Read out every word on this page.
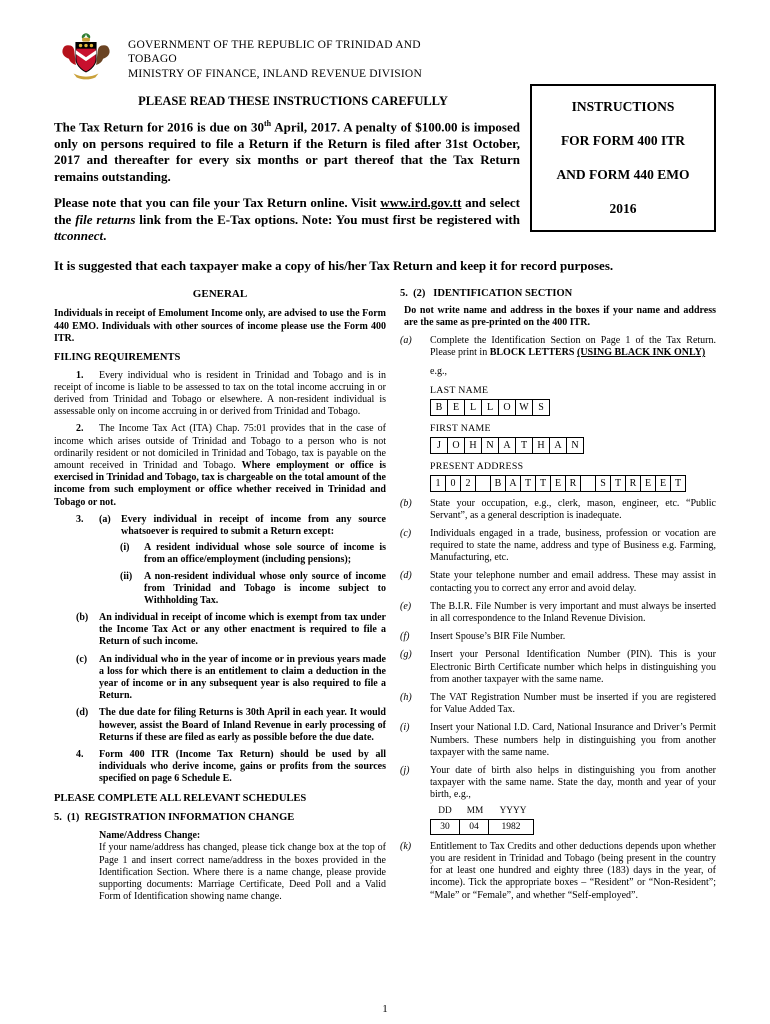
GOVERNMENT OF THE REPUBLIC OF TRINIDAD AND TOBAGO
MINISTRY OF FINANCE, INLAND REVENUE DIVISION
PLEASE READ THESE INSTRUCTIONS CAREFULLY	INSTRUCTIONS
FOR FORM 400 ITR
AND FORM 440 EMO
2016

The Tax Return for 2016 is due on 30th April, 2017. A penalty of $100.00 is imposed only on persons required to file a Return if the Return is filed after 31st October, 2017 and thereafter for every six months or part thereof that the Tax Return remains outstanding.

Please note that you can file your Tax Return online. Visit www.ird.gov.tt and select the file returns link from the E-Tax options. Note: You must first be registered with ttconnect.

It is suggested that each taxpayer make a copy of his/her Tax Return and keep it for record purposes.

GENERAL

Individuals in receipt of Emolument Income only, are advised to use the Form 440 EMO. Individuals with other sources of income please use the Form 400 ITR.

FILING REQUIREMENTS

1. Every individual who is resident in Trinidad and Tobago and is in receipt of income is liable to be assessed to tax on the total income accruing in or derived from Trinidad and Tobago or elsewhere. A non-resident individual is assessable only on income accruing in or derived from Trinidad and Tobago.

2. The Income Tax Act (ITA) Chap. 75:01 provides that in the case of income which arises outside of Trinidad and Tobago to a person who is not ordinarily resident or not domiciled in Trinidad and Tobago, tax is payable on the amount received in Trinidad and Tobago. Where employment or office is exercised in Trinidad and Tobago, tax is chargeable on the total amount of the income from such employment or office whether received in Trinidad and Tobago or not.

3. (a) Every individual in receipt of income from any source whatsoever is required to submit a Return except:

(i) A resident individual whose sole source of income is from an office/employment (including pensions);

(ii) A non-resident individual whose only source of income from Trinidad and Tobago is income subject to Withholding Tax.

(b) An individual in receipt of income which is exempt from tax under the Income Tax Act or any other enactment is required to file a Return of such income.

(c) An individual who in the year of income or in previous years made a loss for which there is an entitlement to claim a deduction in the year of income or in any subsequent year is also required to file a Return.

(d) The due date for filing Returns is 30th April in each year. It would however, assist the Board of Inland Revenue in early processing of Returns if these are filed as early as possible before the due date.

4. Form 400 ITR (Income Tax Return) should be used by all individuals who derive income, gains or profits from the sources specified on page 6 Schedule E.

PLEASE COMPLETE ALL RELEVANT SCHEDULES
5.  (1)  REGISTRATION INFORMATION CHANGE
Name/Address Change:

If your name/address has changed, please tick change box at the top of Page 1 and insert correct name/address in the boxes provided in the Identification Section. Where there is a name change, please provide supporting documents: Marriage Certificate, Deed Poll and a Valid Form of Identification showing name change.

5.  (2)   IDENTIFICATION SECTION

Do not write name and address in the boxes if your name and address are the same as pre-printed on the 400 ITR.

(a) Complete the Identification Section on Page 1 of the Tax Return. Please print in BLOCK LETTERS (USING BLACK INK ONLY)
e.g.,
LAST NAME
B	E	L	L	O W S
FIRST NAME
J	O H N A	T	H A N
PRESENT ADDRESS
1	0	2	B A T T E R	S T R E E T
(b) State your occupation, e.g., clerk, mason, engineer, etc. “Public Servant”, as a general description is inadequate.
(c) Individuals engaged in a trade, business, profession or vocation are required to state the name, address and type of Business e.g. Farming, Manufacturing, etc.
(d) State your telephone number and email address. These may assist in contacting you to correct any error and avoid delay.
(e) The B.I.R. File Number is very important and must always be inserted in all correspondence to the Inland Revenue Division.
(f) Insert Spouse’s BIR File Number.
(g) Insert your Personal Identification Number (PIN). This is your Electronic Birth Certificate number which helps in distinguishing you from another taxpayer with the same name.
(h) The VAT Registration Number must be inserted if you are registered for Value Added Tax.
(i) Insert your National I.D. Card, National Insurance and Driver’s Permit Numbers. These numbers help in distinguishing you from another taxpayer with the same name.
(j) Your date of birth also helps in distinguishing you from another taxpayer with the same name. State the day, month and year of your birth, e.g.,
DD	MM	YYYY
30	04	1982
(k) Entitlement to Tax Credits and other deductions depends upon whether you are resident in Trinidad and Tobago (being present in the country for at least one hundred and eighty three (183) days in the year, of income). Tick the appropriate boxes – “Resident” or “Non-Resident”; “Male” or “Female”, and whether “Self-employed”.
1
